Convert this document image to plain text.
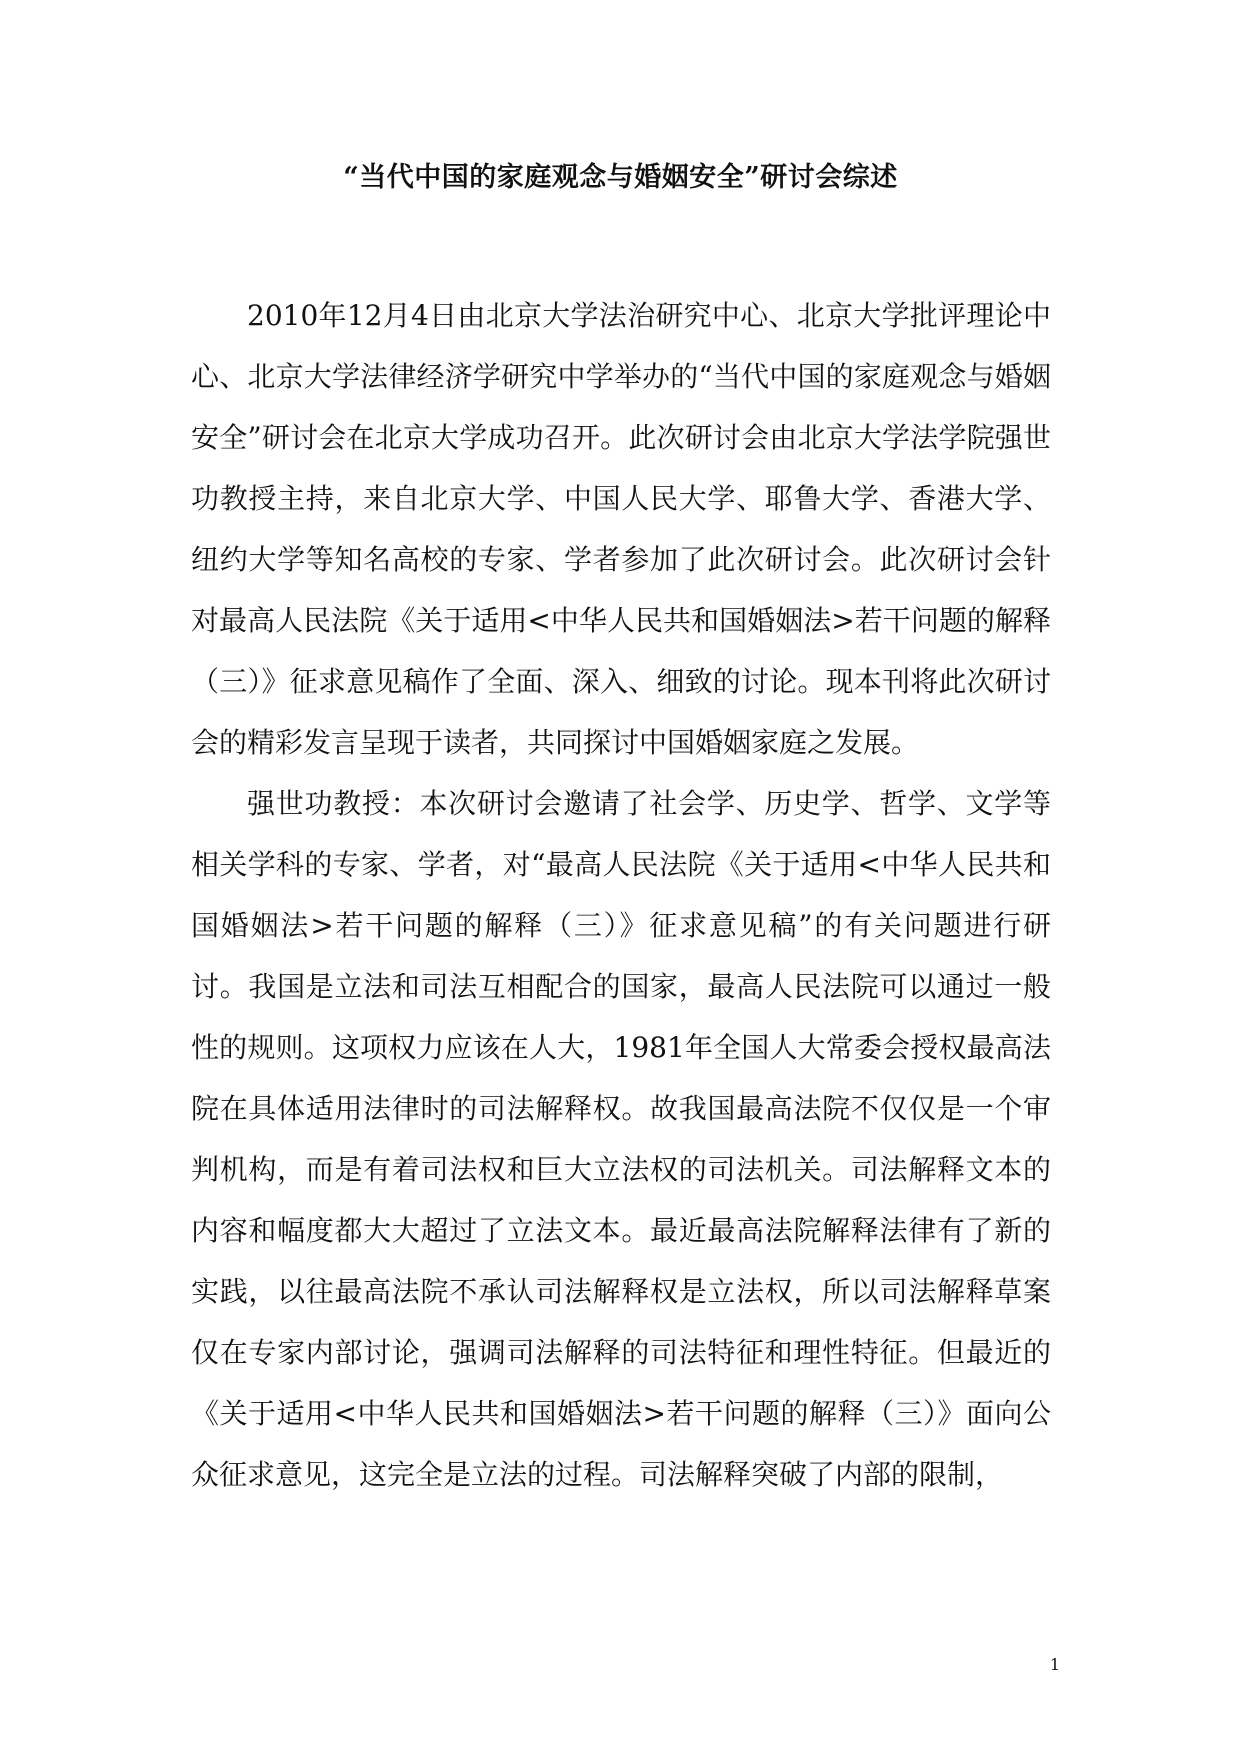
“当代中国的家庭观念与婚姻安全”研讨会综述

2010年12月4日由北京大学法治研究中心、北京大学批评理论中心、北京大学法律经济学研究中学举办的“当代中国的家庭观念与婚姻安全”研讨会在北京大学成功召开。此次研讨会由北京大学法学院强世功教授主持，来自北京大学、中国人民大学、耶鲁大学、香港大学、纽约大学等知名高校的专家、学者参加了此次研讨会。此次研讨会针对最高人民法院《关于适用<中华人民共和国婚姻法>若干问题的解释（三）》征求意见稿作了全面、深入、细致的讨论。现本刊将此次研讨会的精彩发言呈现于读者，共同探讨中国婚姻家庭之发展。

强世功教授：本次研讨会邀请了社会学、历史学、哲学、文学等相关学科的专家、学者，对“最高人民法院《关于适用<中华人民共和国婚姻法>若干问题的解释（三）》征求意见稿”的有关问题进行研讨。我国是立法和司法互相配合的国家，最高人民法院可以通过一般性的规则。这项权力应该在人大，1981年全国人大常委会授权最高法院在具体适用法律时的司法解释权。故我国最高法院不仅仅是一个审判机构，而是有着司法权和巨大立法权的司法机关。司法解释文本的内容和幅度都大大超过了立法文本。最近最高法院解释法律有了新的实践，以往最高法院不承认司法解释权是立法权，所以司法解释草案仅在专家内部讨论，强调司法解释的司法特征和理性特征。但最近的《关于适用<中华人民共和国婚姻法>若干问题的解释（三）》面向公众征求意见，这完全是立法的过程。司法解释突破了内部的限制，

1
